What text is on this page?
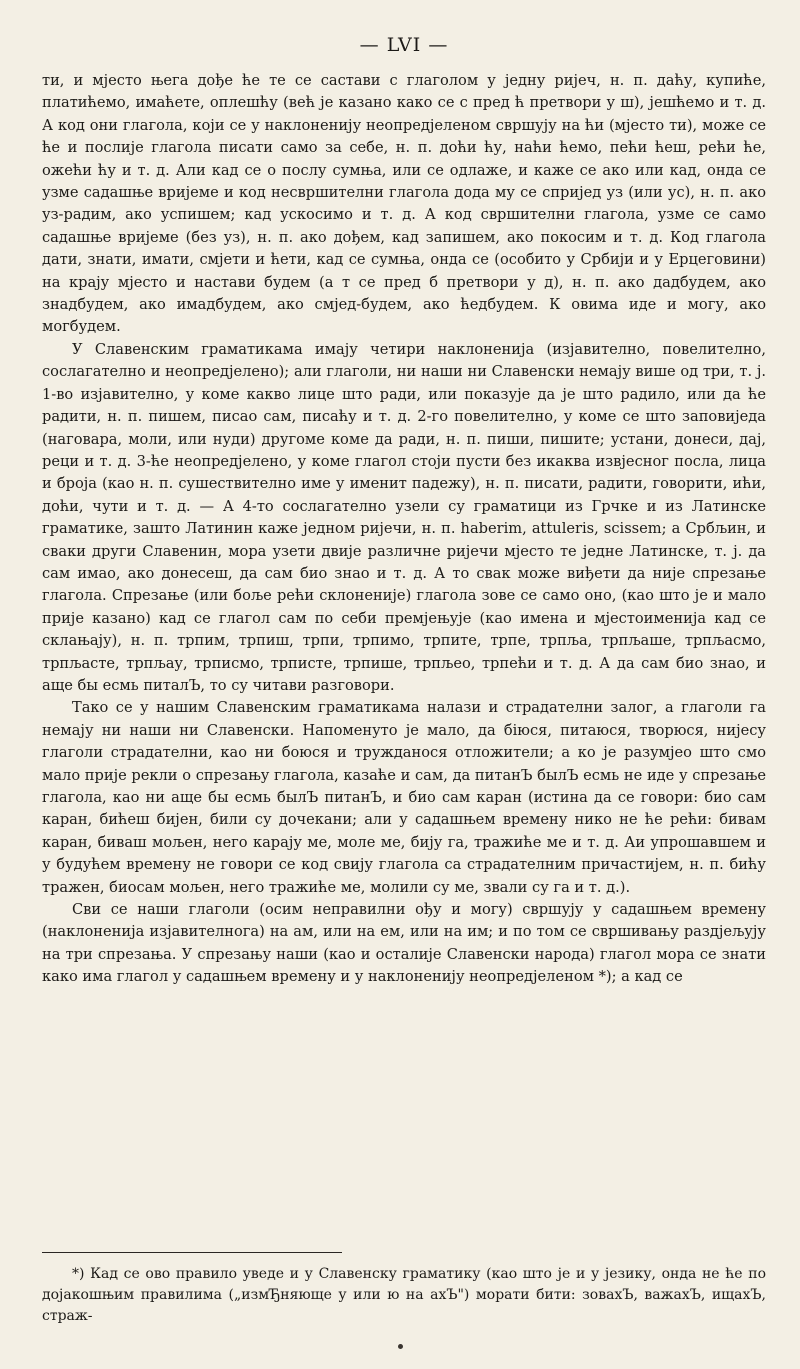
— LVI —

ти, и мјесто њега дође ће те се састави с глаголом у једну ријеч, н. п. даћу, купиће, платићемо, имаћете, оплешћу (већ је казано како се с пред ћ претвори у ш), јешћемо и т. д. А код они глагола, који се у наклоненију неопредјеленом свршују на ћи (мјесто ти), може се ће и послије глагола писати само за себе, н. п. доћи ћу, наћи ћемо, пећи ћеш, рећи ће, ожећи ћу и т. д. Али кад се о послу сумња, или се одлаже, и каже се ако или кад, онда се узме садашње вријеме и код несвршителни глагола дода му се спријед уз (или ус), н. п. ако уз-радим, ако успишем; кад ускосимо и т. д. А код свршителни глагола, узме се само садашње вријеме (без уз), н. п. ако дођем, кад запишем, ако покосим и т. д. Код глагола дати, знати, имати, смјети и ћети, кад се сумња, онда се (особито у Србији и у Ерцеговини) на крају мјесто и настави будем (а т се пред б претвори у д), н. п. ако дадбудем, ако знадбудем, ако имадбудем, ако смјед-будем, ако ћедбудем. К овима иде и могу, ако могбудем.

У Славенским граматикама имају четири наклоненија (изјавително, повелително, сослагателно и неопредјелено); али глаголи, ни наши ни Славенски немају више од три, т. ј. 1-во изјавително, у коме какво лице што ради, или показује да је што радило, или да ће радити, н. п. пишем, писао сам, писаћу и т. д. 2-го повелително, у коме се што заповиједа (наговара, моли, или нуди) другоме коме да ради, н. п. пиши, пишите; устани, донеси, дај, реци и т. д. 3-ће неопредјелено, у коме глагол стоји пусти без икаква извјесног посла, лица и броја (као н. п. сушествително име у именит падежу), н. п. писати, радити, говорити, ићи, доћи, чути и т. д. — А 4-то сослагателно узели су граматици из Грчке и из Латинске граматике, зашто Латинин каже једном ријечи, н. п. hаberim, attuleris, scissem; а Србљин, и сваки други Славенин, мора узети двије различне ријечи мјесто те једне Латинске, т. ј. да сам имао, ако донесеш, да сам био знао и т. д. А то свак може виђети да није спрезање глагола. Спрезање (или боље рећи склоненије) глагола зове се само оно, (као што је и мало прије казано) кад се глагол сам по себи премјењује (као имена и мјестоименија кад се склањају), н. п. трпим, трпиш, трпи, трпимо, трпите, трпе, трпља, трпљаше, трпљасмо, трпљасте, трпљау, трписмо, трписте, трпише, трпљео, трпећи и т. д. А да сам био знао, и аще бы есмь питалЪ, то су читави разговори.

Тако се у нашим Славенским граматикама налази и страдателни залог, а глаголи га немају ни наши ни Славенски. Напоменуто је мало, да бiюся, питаюся, творюся, нијесу глаголи страдателни, као ни боюся и тружданося отложители; а ко је разумјео што смо мало прије рекли о спрезању глагола, казаће и сам, да питанЪ былЪ есмь не иде у спрезање глагола, као ни аще бы есмь былЪ питанЪ, и био сам каран (истина да се говори: био сам каран, бићеш бијен, били су дочекани; али у садашњем времену нико не ће рећи: бивам каран, биваш мољен, него карају ме, моле ме, бију га, тражиће ме и т. д. Аи упрошавшем и у будућем времену не говори се код свију глагола са страдателним причастијем, н. п. бићу тражен, биосам мољен, него тражиће ме, молили су ме, звали су га и т. д.).

Сви се наши глаголи (осим неправилни ођу и могу) свршују у садашњем времену (наклоненија изјавителнога) на ам, или на ем, или на им; и по том се свршивању раздјељују на три спрезања. У спрезању наши (као и осталије Славенски народа) глагол мора се знати како има глагол у садашњем времену и у наклоненију неопредјеленом *); а кад се

*) Кад се ово правило уведе и у Славенску граматику (као што је и у језику, онда не ће по дојакошњим правилима („измЂняюще у или ю на ахЪ") морати бити: зовахЪ, важахЪ, ищахЪ, страж-
